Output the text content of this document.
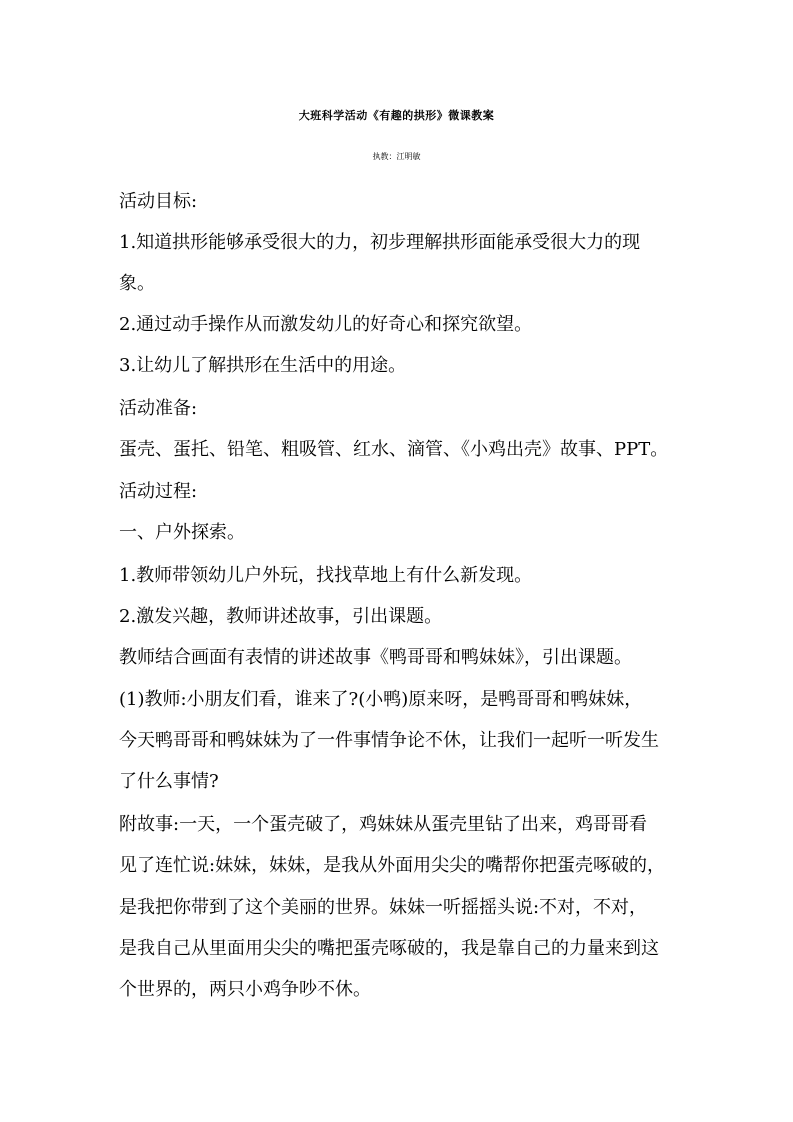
大班科学活动《有趣的拱形》微课教案
执教：江明敏
活动目标:
1.知道拱形能够承受很大的力，初步理解拱形面能承受很大力的现
象。
2.通过动手操作从而激发幼儿的好奇心和探究欲望。
3.让幼儿了解拱形在生活中的用途。
活动准备:
蛋壳、蛋托、铅笔、粗吸管、红水、滴管、《小鸡出壳》故事、PPT。
活动过程:
一、户外探索。
1.教师带领幼儿户外玩，找找草地上有什么新发现。
2.激发兴趣，教师讲述故事，引出课题。
教师结合画面有表情的讲述故事《鸭哥哥和鸭妹妹》，引出课题。
(1)教师:小朋友们看，谁来了?(小鸭)原来呀，是鸭哥哥和鸭妹妹，
今天鸭哥哥和鸭妹妹为了一件事情争论不休，让我们一起听一听发生
了什么事情?
附故事:一天，一个蛋壳破了，鸡妹妹从蛋壳里钻了出来，鸡哥哥看
见了连忙说:妹妹，妹妹，是我从外面用尖尖的嘴帮你把蛋壳啄破的，
是我把你带到了这个美丽的世界。妹妹一听摇摇头说:不对，不对，
是我自己从里面用尖尖的嘴把蛋壳啄破的，我是靠自己的力量来到这
个世界的，两只小鸡争吵不休。
